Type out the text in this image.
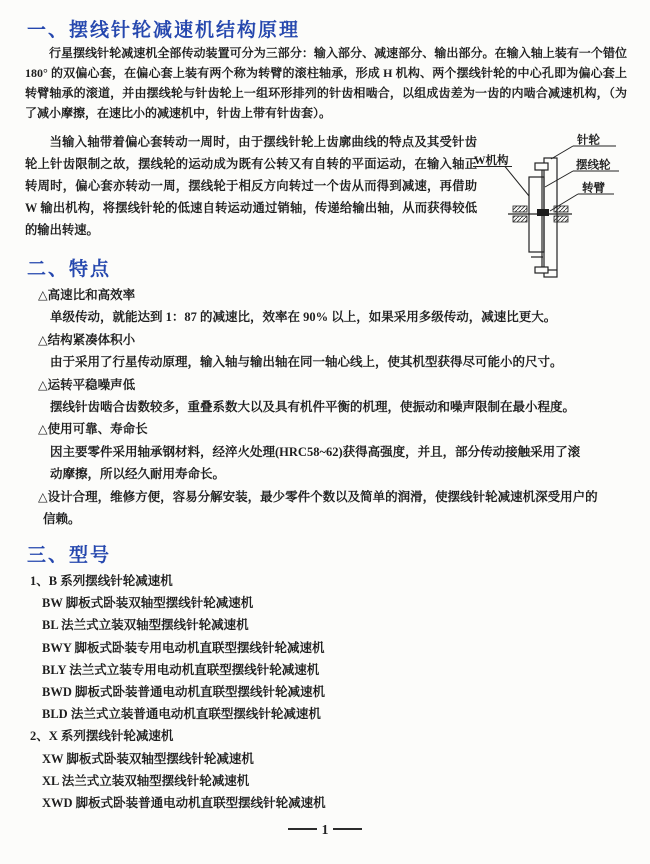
一、摆线针轮减速机结构原理

行星摆线针轮减速机全部传动装置可分为三部分：输入部分、减速部分、输出部分。在输入轴上装有一个错位 180° 的双偏心套，在偏心套上装有两个称为转臂的滚柱轴承，形成 H 机构、两个摆线针轮的中心孔即为偏心套上转臂轴承的滚道，并由摆线轮与针齿轮上一组环形排列的针齿相啮合，以组成齿差为一齿的内啮合减速机构，（为了减小摩擦，在速比小的减速机中，针齿上带有针齿套）。

当输入轴带着偏心套转动一周时，由于摆线针轮上齿廓曲线的特点及其受针齿轮上针齿限制之故，摆线轮的运动成为既有公转又有自转的平面运动，在输入轴正转周时，偏心套亦转动一周，摆线轮于相反方向转过一个齿从而得到减速，再借助 W 输出机构，将摆线针轮的低速自转运动通过销轴，传递给输出轴，从而获得较低的输出转速。

W机构
针轮
摆线轮
转臂
二、特点
△高速比和高效率
单级传动，就能达到 1：87 的减速比，效率在 90% 以上，如果采用多级传动，减速比更大。
△结构紧凑体积小
由于采用了行星传动原理，输入轴与输出轴在同一轴心线上，使其机型获得尽可能小的尺寸。
△运转平稳噪声低
摆线针齿啮合齿数较多，重叠系数大以及具有机件平衡的机理，使振动和噪声限制在最小程度。
△使用可靠、寿命长
因主要零件采用轴承钢材料，经淬火处理(HRC58~62)获得高强度，并且，部分传动接触采用了滚动摩擦，所以经久耐用寿命长。
△设计合理，维修方便，容易分解安装，最少零件个数以及简单的润滑，使摆线针轮减速机深受用户的信赖。
三、型号
1、B 系列摆线针轮减速机
BW 脚板式卧装双轴型摆线针轮减速机
BL 法兰式立装双轴型摆线针轮减速机
BWY 脚板式卧装专用电动机直联型摆线针轮减速机
BLY 法兰式立装专用电动机直联型摆线针轮减速机
BWD 脚板式卧装普通电动机直联型摆线针轮减速机
BLD 法兰式立装普通电动机直联型摆线针轮减速机
2、X 系列摆线针轮减速机
XW 脚板式卧装双轴型摆线针轮减速机
XL 法兰式立装双轴型摆线针轮减速机
XWD 脚板式卧装普通电动机直联型摆线针轮减速机
1
